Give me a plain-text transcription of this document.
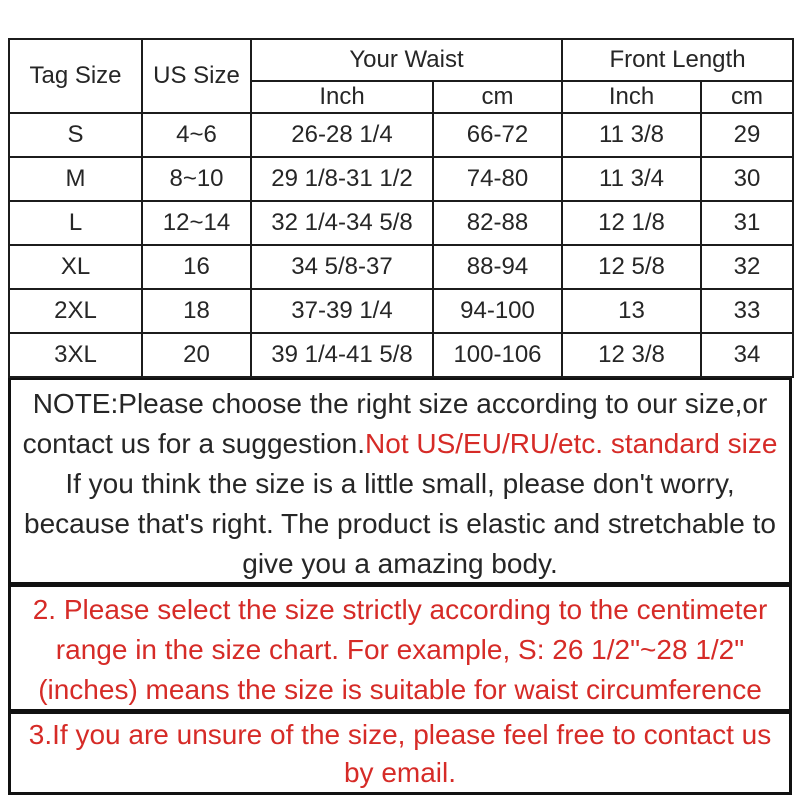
Tag Size	US Size	Your Waist		Front Length	
		Inch	cm	Inch	cm
S	4~6	26-28 1/4	66-72	11 3/8	29
M	8~10	29 1/8-31 1/2	74-80	11 3/4	30
L	12~14	32 1/4-34 5/8	82-88	12 1/8	31
XL	16	34 5/8-37	88-94	12 5/8	32
2XL	18	37-39 1/4	94-100	13	33
3XL	20	39 1/4-41 5/8	100-106	12 3/8	34
NOTE:Please choose the right size according to our size,or
contact us for a suggestion.Not US/EU/RU/etc. standard size
If you think the size is a little small, please don't worry,
because that's right. The product is elastic and stretchable to
give you a amazing body.
2. Please select the size strictly according to the centimeter
range in the size chart. For example, S: 26 1/2"~28 1/2"
(inches) means the size is suitable for waist circumference
3.If you are unsure of the size, please feel free to contact us
by email.
